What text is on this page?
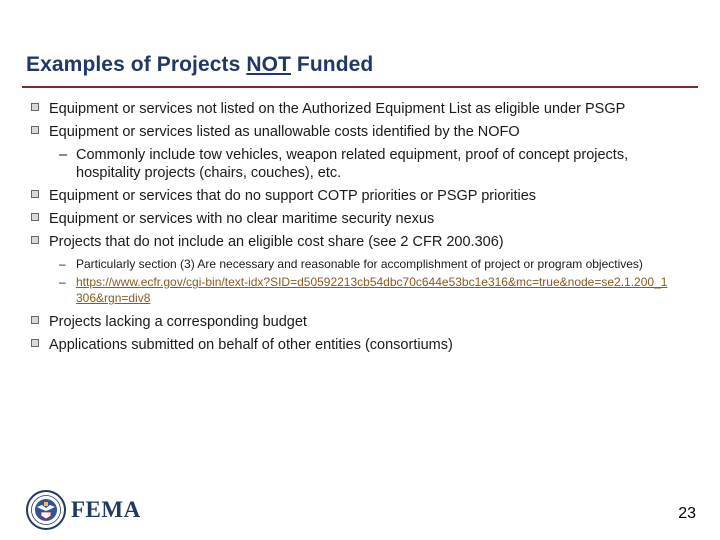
Examples of Projects NOT Funded
Equipment or services not listed on the Authorized Equipment List as eligible under PSGP
Equipment or services listed as unallowable costs identified by the NOFO
– Commonly include tow vehicles, weapon related equipment, proof of concept projects, hospitality projects (chairs, couches), etc.
Equipment or services that do no support COTP priorities or PSGP priorities
Equipment or services with no clear maritime security nexus
Projects that do not include an eligible cost share (see 2 CFR 200.306)
– Particularly section (3) Are necessary and reasonable for accomplishment of project or program objectives)
– https://www.ecfr.gov/cgi-bin/text-idx?SID=d50592213cb54dbc70c644e53bc1e316&mc=true&node=se2.1.200_1306&rgn=div8
Projects lacking a corresponding budget
Applications submitted on behalf of other entities (consortiums)
FEMA	23
